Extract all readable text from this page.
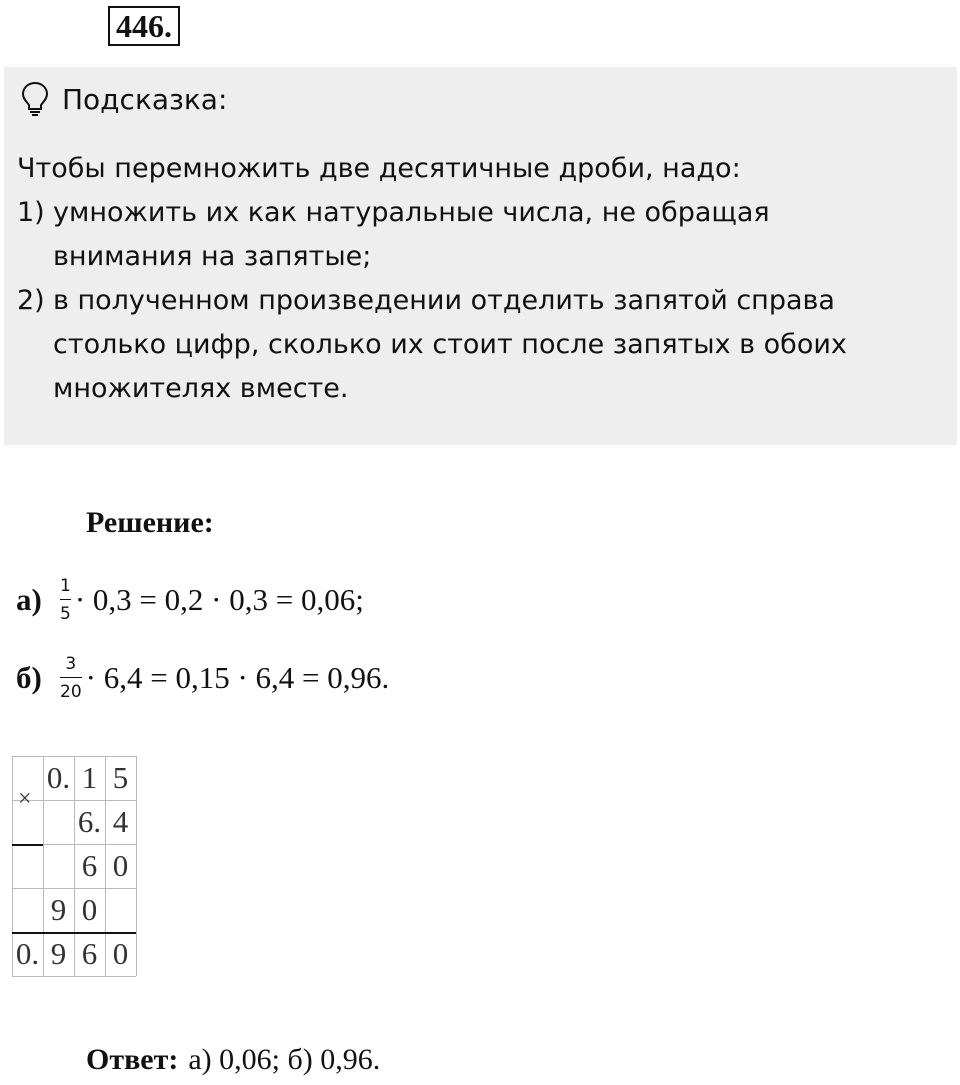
446.
Подсказка:
Чтобы перемножить две десятичные дроби, надо:
1) умножить их как натуральные числа, не обращая
внимания на запятые;
2) в полученном произведении отделить запятой справа
столько цифр, сколько их стоит после запятых в обоих
множителях вместе.
Решение:
а)	$\frac{1}{5} \cdot 0,3 = 0,2 \cdot 0,3 = 0,06$;
б)	$\frac{3}{20} \cdot 6,4 = 0,15 \cdot 6,4 = 0,96$.
×
0. 1 5
6. 4
6 0
9 0
0. 9 6 0
Ответ: а) 0,06; б) 0,96.
